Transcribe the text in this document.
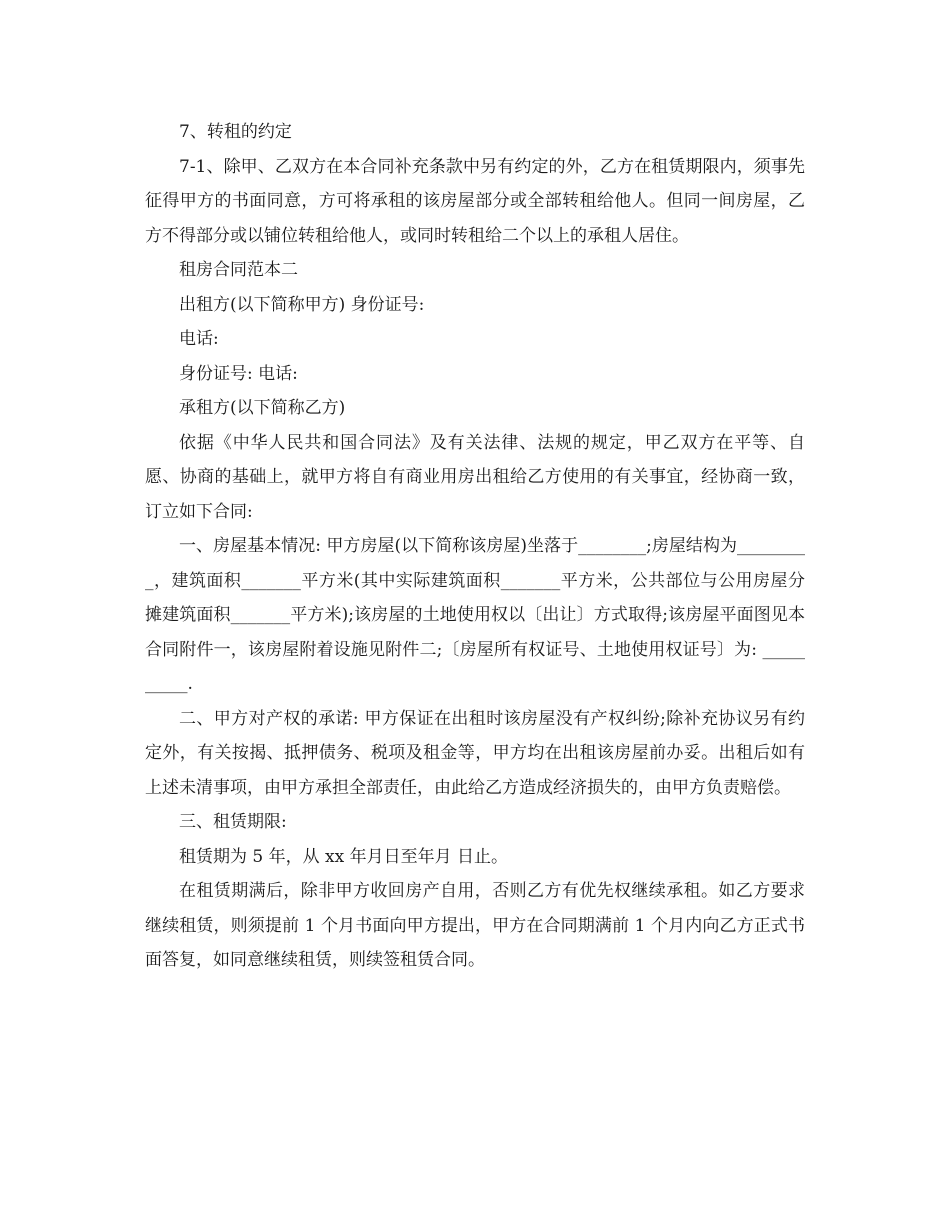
7、转租的约定

7-1、除甲、乙双方在本合同补充条款中另有约定的外，乙方在租赁期限内，须事先征得甲方的书面同意，方可将承租的该房屋部分或全部转租给他人。但同一间房屋，乙方不得部分或以铺位转租给他人，或同时转租给二个以上的承租人居住。

租房合同范本二

出租方(以下简称甲方) 身份证号:

电话:

身份证号: 电话:

承租方(以下简称乙方)

依据《中华人民共和国合同法》及有关法律、法规的规定，甲乙双方在平等、自愿、协商的基础上，就甲方将自有商业用房出租给乙方使用的有关事宜，经协商一致，订立如下合同:

一、房屋基本情况: 甲方房屋(以下简称该房屋)坐落于________;房屋结构为_________，建筑面积_______平方米(其中实际建筑面积_______平方米，公共部位与公用房屋分摊建筑面积_______平方米);该房屋的土地使用权以〔出让〕方式取得;该房屋平面图见本合同附件一，该房屋附着设施见附件二;〔房屋所有权证号、土地使用权证号〕为: __________.

二、甲方对产权的承诺: 甲方保证在出租时该房屋没有产权纠纷;除补充协议另有约定外，有关按揭、抵押债务、税项及租金等，甲方均在出租该房屋前办妥。出租后如有上述未清事项，由甲方承担全部责任，由此给乙方造成经济损失的，由甲方负责赔偿。

三、租赁期限:

租赁期为 5 年，从 xx 年月日至年月 日止。

在租赁期满后，除非甲方收回房产自用，否则乙方有优先权继续承租。如乙方要求继续租赁，则须提前 1 个月书面向甲方提出，甲方在合同期满前 1 个月内向乙方正式书面答复，如同意继续租赁，则续签租赁合同。
